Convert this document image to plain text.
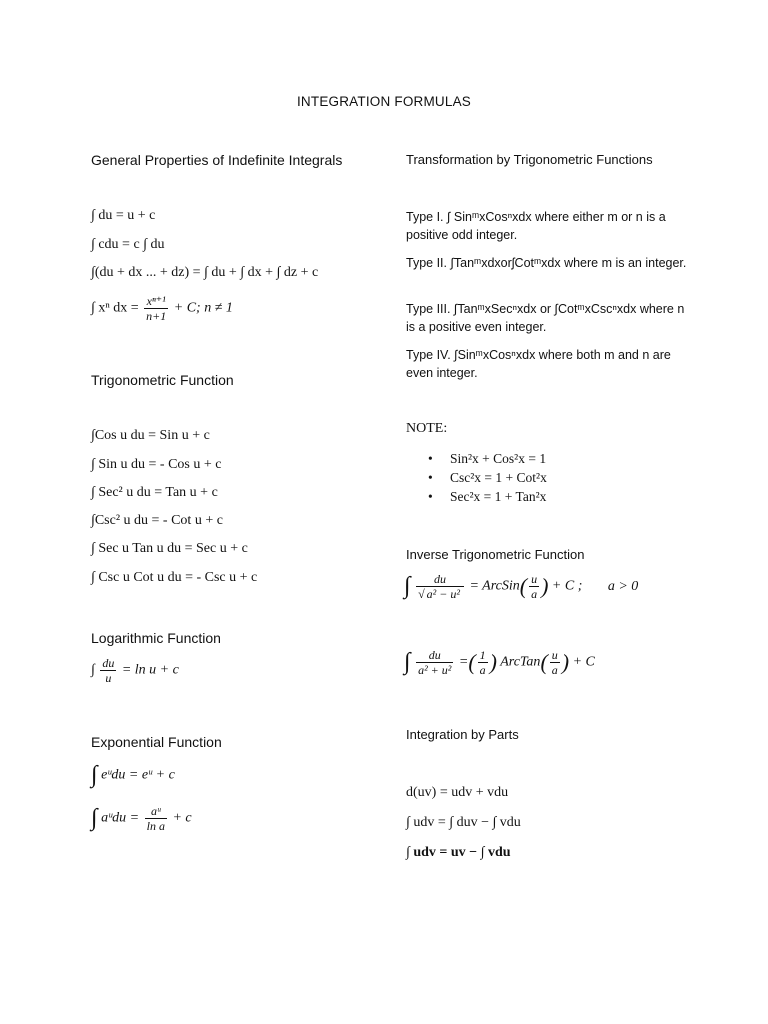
INTEGRATION FORMULAS
General Properties of Indefinite Integrals
∫ du = u + c
∫ cdu = c ∫ du
∫(du + dx ... + dz) = ∫ du + ∫ dx + ∫ dz + c
∫ xⁿ dx = $\frac{\text{xⁿ⁺¹}}{n+1} + C$; n ≠ 1
Trigonometric Function
∫Cos u du = Sin u + c
∫ Sin u du = - Cos u + c
∫ Sec² u du = Tan u + c
∫Csc² u du = - Cot u + c
∫ Sec u Tan u du = Sec u + c
∫ Csc u Cot u du = - Csc u + c
Logarithmic Function
∫ $\frac{du}{u} = \ln u + c$
Exponential Function
∫ eᵘdu = eᵘ + c
∫ aᵘdu = $\frac{\text{aᵘ}}{\text{ln a}} + c$
Transformation by Trigonometric Functions
Type I. ∫ SinᵐxCosⁿxdx where either m or n is a positive odd integer.
Type II. ∫TanᵐxdxorʃCotᵐxdx where m is an integer.
Type III. ∫TanᵐxSecⁿxdx or ∫CotᵐxCscⁿxdx where n is a positive even integer.
Type IV. ∫SinᵐxCosⁿxdx where both m and n are even integer.
NOTE:
• Sin²x + Cos²x = 1
• Csc²x = 1 + Cot²x
• Sec²x = 1 + Tan²x
Inverse Trigonometric Function
∫ $\frac{du}{\text{√ a² − u²}}$ = ArcSin( $\frac{u}{a}$ ) + C ; a > 0
∫ $\frac{du}{\text{a² + u²}}$ =( $\frac{1}{a}$ ) ArcTan( $\frac{u}{a}$ ) + C
Integration by Parts
d(uv) = udv + vdu
∫ udv = ∫ duv − ∫ vdu
∫ udv = uv − ∫ vdu
